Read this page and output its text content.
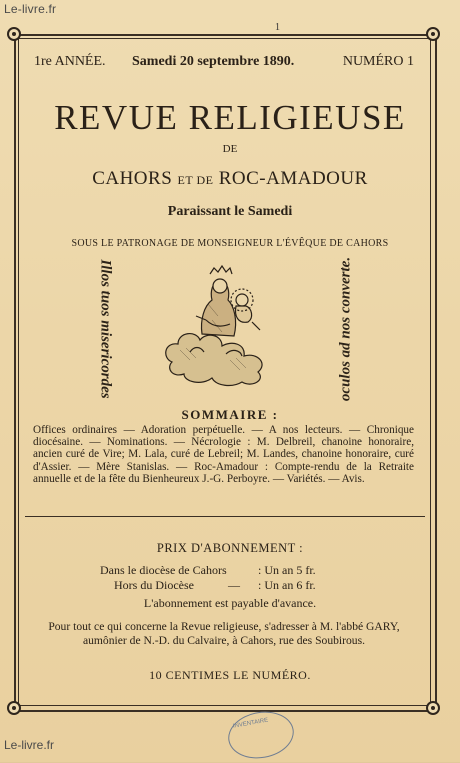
Le-livre.fr
1
1re ANNÉE. Samedi 20 septembre 1890.	NUMÉRO 1
REVUE RELIGIEUSE
DE
CAHORS ET DE ROC-AMADOUR
Paraissant le Samedi
SOUS LE PATRONAGE DE MONSEIGNEUR L'ÉVÊQUE DE CAHORS
Illos tuos misericordes	oculos ad nos converte.
SOMMAIRE :
Offices ordinaires — Adoration perpétuelle. — A nos lecteurs. — Chronique diocésaine. — Nominations. — Nécrologie : M. Delbreil, chanoine honoraire, ancien curé de Vire; M. Lala, curé de Lebreil; M. Landes, chanoine honoraire, curé d'Assier. — Mère Stanislas. — Roc-Amadour : Compte-rendu de la Retraite annuelle et de la fête du Bienheureux J.-G. Perboyre. — Variétés. — Avis.
PRIX D'ABONNEMENT :
Dans le diocèse de Cahors	: Un an 5 fr.
Hors du Diocèse	— : Un an 6 fr.
L'abonnement est payable d'avance.
Pour tout ce qui concerne la Revue religieuse, s'adresser à M. l'abbé GARY, aumônier de N.-D. du Calvaire, à Cahors, rue des Soubirous.
10 CENTIMES LE NUMÉRO.
INVENTAIRE
Le-livre.fr
